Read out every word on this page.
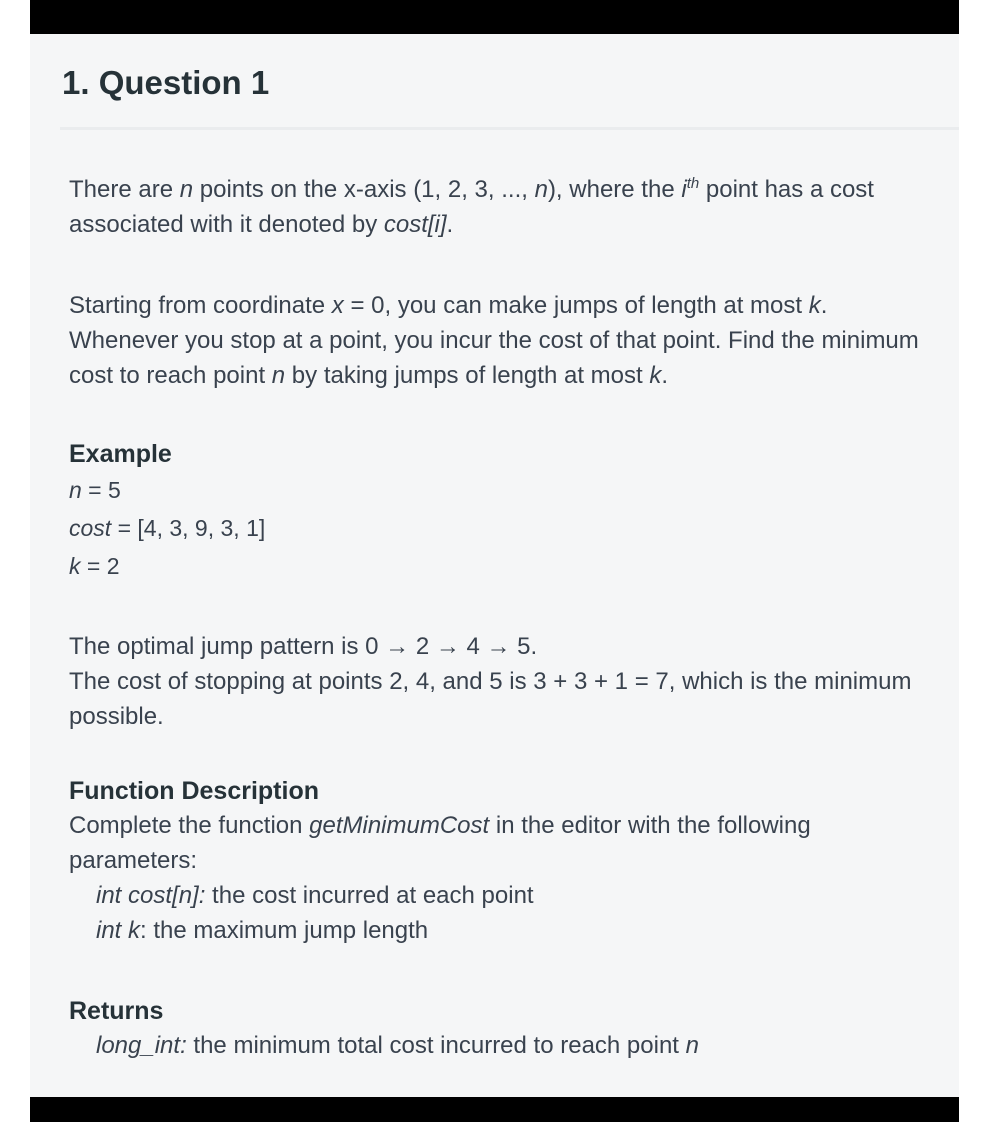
1. Question 1

There are n points on the x-axis (1, 2, 3, ..., n), where the $i^{th}$ point has a cost associated with it denoted by cost[i].

Starting from coordinate x = 0, you can make jumps of length at most k. Whenever you stop at a point, you incur the cost of that point. Find the minimum cost to reach point n by taking jumps of length at most k.

Example

n = 5

cost = [4, 3, 9, 3, 1]

k = 2

The optimal jump pattern is 0 → 2 → 4 → 5.

The cost of stopping at points 2, 4, and 5 is 3 + 3 + 1 = 7, which is the minimum possible.

Function Description

Complete the function getMinimumCost in the editor with the following parameters:

int cost[n]: the cost incurred at each point

int k: the maximum jump length

Returns

long_int: the minimum total cost incurred to reach point n
